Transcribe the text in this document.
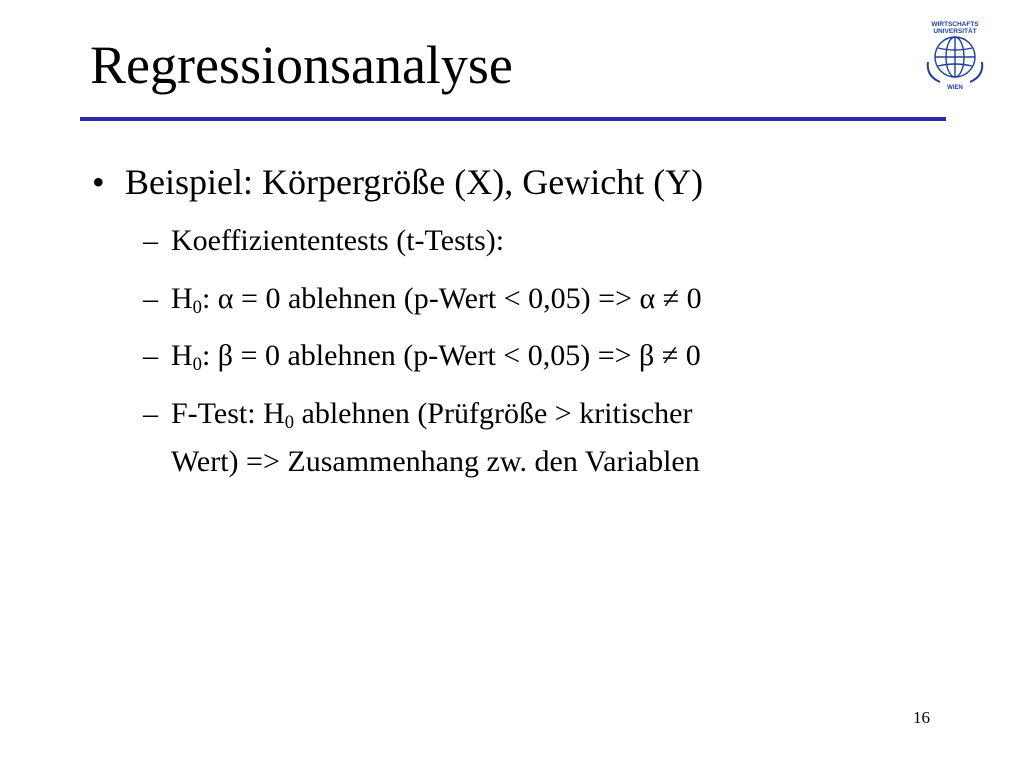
Regressionsanalyse
WIRTSCHAFTS
UNIVERSITÄT
WIEN
• Beispiel: Körpergröße (X), Gewicht (Y)
– Koeffiziententests (t-Tests):
– H0: α = 0 ablehnen (p-Wert < 0,05) => α ≠ 0
– H0: β = 0 ablehnen (p-Wert < 0,05) => β ≠ 0
– F-Test: H0 ablehnen (Prüfgröße > kritischer
Wert) => Zusammenhang zw. den Variablen
16
